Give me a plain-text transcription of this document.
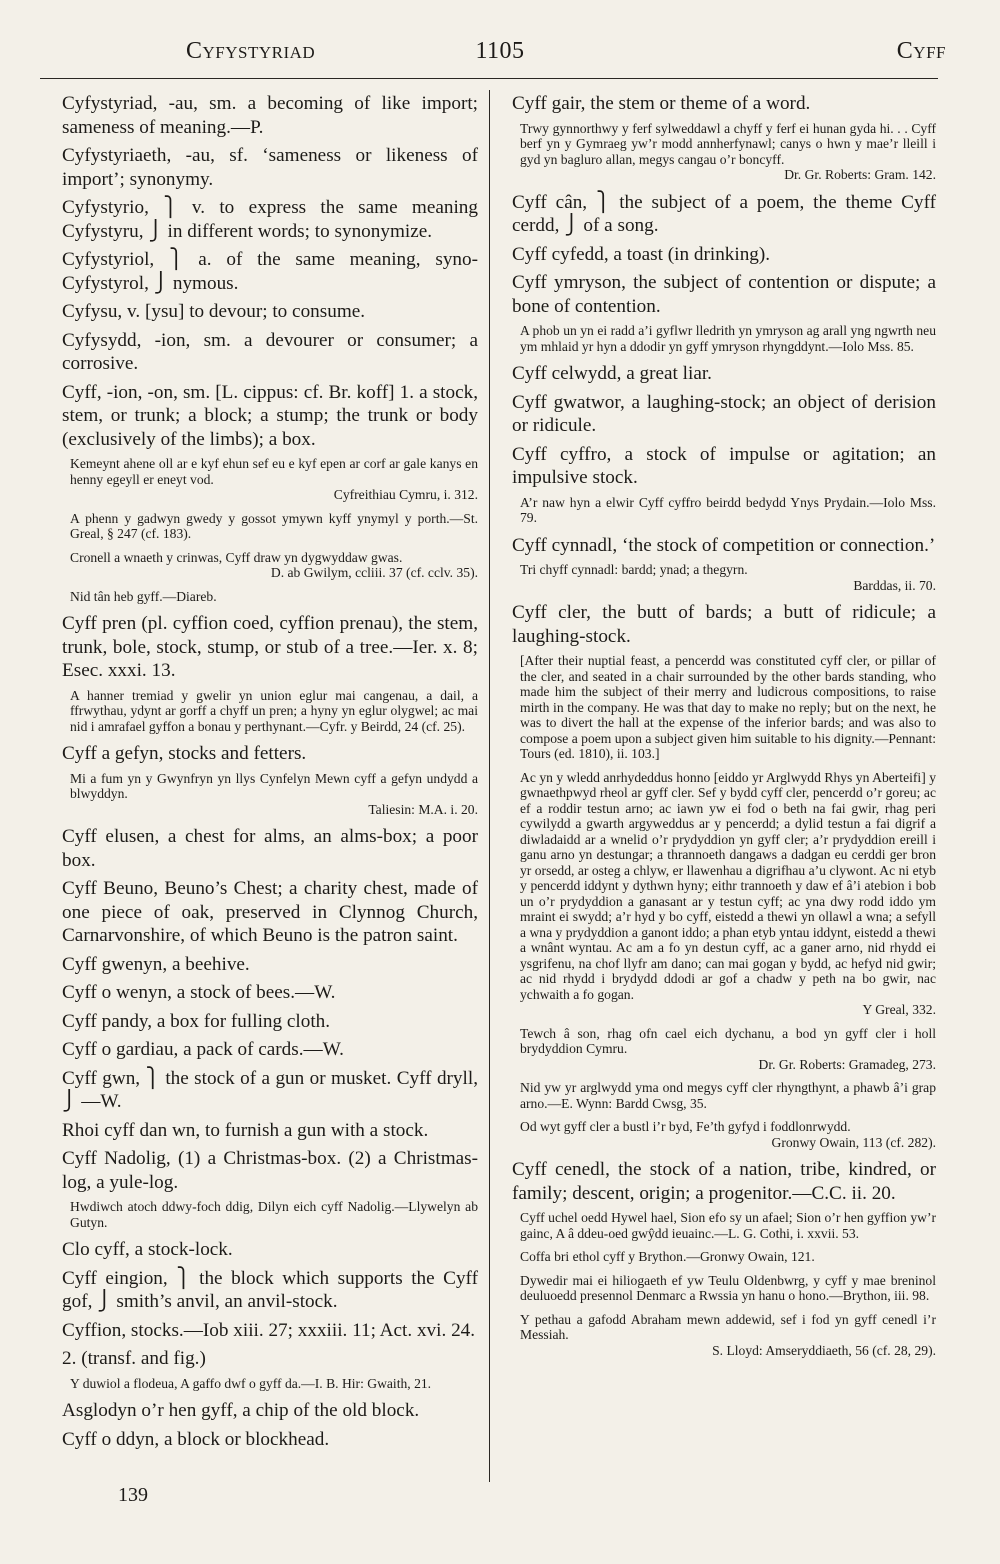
Cyfystyriad	1105	Cyff

Cyfystyriad, -au, sm. a becoming of like import; sameness of meaning.—P.

Cyfystyriaeth, -au, sf. ‘sameness or likeness of import’; synonymy.

Cyfystyrio, ⎫ v. to express the same meaning Cyfystyru, ⎭ in different words; to synonymize.

Cyfystyriol, ⎫ a. of the same meaning, syno- Cyfystyrol, ⎭ nymous.

Cyfysu, v. [ysu] to devour; to consume.

Cyfysydd, -ion, sm. a devourer or consumer; a corrosive.

Cyff, -ion, -on, sm. [L. cippus: cf. Br. koff] 1. a stock, stem, or trunk; a block; a stump; the trunk or body (exclusively of the limbs); a box.

Kemeynt ahene oll ar e kyf ehun sef eu e kyf epen ar corf ar gale kanys en henny egeyll er eneyt vod.
Cyfreithiau Cymru, i. 312.
A phenn y gadwyn gwedy y gossot ymywn kyff ynymyl y porth.—St. Greal, § 247 (cf. 183).
Cronell a wnaeth y crinwas, Cyff draw yn dygwyddaw gwas.
D. ab Gwilym, ccliii. 37 (cf. cclv. 35).
Nid tân heb gyff.—Diareb.

Cyff pren (pl. cyffion coed, cyffion prenau), the stem, trunk, bole, stock, stump, or stub of a tree.—Ier. x. 8; Esec. xxxi. 13.

A hanner tremiad y gwelir yn union eglur mai cangenau, a dail, a ffrwythau, ydynt ar gorff a chyff un pren; a hyny yn eglur olygwel; ac mai nid i amrafael gyffon a bonau y perthynant.—Cyfr. y Beirdd, 24 (cf. 25).

Cyff a gefyn, stocks and fetters.

Mi a fum yn y Gwynfryn yn llys Cynfelyn Mewn cyff a gefyn undydd a blwyddyn.
Taliesin: M.A. i. 20.

Cyff elusen, a chest for alms, an alms-box; a poor box.

Cyff Beuno, Beuno’s Chest; a charity chest, made of one piece of oak, preserved in Clynnog Church, Carnarvonshire, of which Beuno is the patron saint.

Cyff gwenyn, a beehive.

Cyff o wenyn, a stock of bees.—W.

Cyff pandy, a box for fulling cloth.

Cyff o gardiau, a pack of cards.—W.

Cyff gwn, ⎫ the stock of a gun or musket. Cyff dryll, ⎭ —W.

Rhoi cyff dan wn, to furnish a gun with a stock.

Cyff Nadolig, (1) a Christmas-box. (2) a Christmas-log, a yule-log.

Hwdiwch atoch ddwy-foch ddig, Dilyn eich cyff Nadolig.—Llywelyn ab Gutyn.

Clo cyff, a stock-lock.

Cyff eingion, ⎫ the block which supports the Cyff gof, ⎭ smith’s anvil, an anvil-stock.

Cyffion, stocks.—Iob xiii. 27; xxxiii. 11; Act. xvi. 24.

2. (transf. and fig.)

Y duwiol a flodeua, A gaffo dwf o gyff da.—I. B. Hir: Gwaith, 21.

Asglodyn o’r hen gyff, a chip of the old block.

Cyff o ddyn, a block or blockhead.

Cyff gair, the stem or theme of a word.

Trwy gynnorthwy y ferf sylweddawl a chyff y ferf ei hunan gyda hi. . . Cyff berf yn y Gymraeg yw’r modd annherfynawl; canys o hwn y mae’r lleill i gyd yn bagluro allan, megys cangau o’r boncyff.
Dr. Gr. Roberts: Gram. 142.

Cyff cân, ⎫ the subject of a poem, the theme Cyff cerdd, ⎭ of a song.

Cyff cyfedd, a toast (in drinking).

Cyff ymryson, the subject of contention or dispute; a bone of contention.

A phob un yn ei radd a’i gyflwr lledrith yn ymryson ag arall yng ngwrth neu ym mhlaid yr hyn a ddodir yn gyff ymryson rhyngddynt.—Iolo Mss. 85.

Cyff celwydd, a great liar.

Cyff gwatwor, a laughing-stock; an object of derision or ridicule.

Cyff cyffro, a stock of impulse or agitation; an impulsive stock.

A’r naw hyn a elwir Cyff cyffro beirdd bedydd Ynys Prydain.—Iolo Mss. 79.

Cyff cynnadl, ‘the stock of competition or connection.’

Tri chyff cynnadl: bardd; ynad; a thegyrn.
Barddas, ii. 70.

Cyff cler, the butt of bards; a butt of ridicule; a laughing-stock.

[After their nuptial feast, a pencerdd was constituted cyff cler, or pillar of the cler, and seated in a chair surrounded by the other bards standing, who made him the subject of their merry and ludicrous compositions, to raise mirth in the company. He was that day to make no reply; but on the next, he was to divert the hall at the expense of the inferior bards; and was also to compose a poem upon a subject given him suitable to his dignity.—Pennant: Tours (ed. 1810), ii. 103.]
Ac yn y wledd anrhydeddus honno [eiddo yr Arglwydd Rhys yn Aberteifi] y gwnaethpwyd rheol ar gyff cler. Sef y bydd cyff cler, pencerdd o’r goreu; ac ef a roddir testun arno; ac iawn yw ei fod o beth na fai gwir, rhag peri cywilydd a gwarth argyweddus ar y pencerdd; a dylid testun a fai digrif a diwladaidd ar a wnelid o’r prydyddion yn gyff cler; a’r prydyddion ereill i ganu arno yn destungar; a thrannoeth dangaws a dadgan eu cerddi ger bron yr orsedd, ar osteg a chlyw, er llawenhau a digrifhau a’u clywont. Ac ni etyb y pencerdd iddynt y dythwn hyny; eithr trannoeth y daw ef â’i atebion i bob un o’r prydyddion a ganasant ar y testun cyff; ac yna dwy rodd iddo ym mraint ei swydd; a’r hyd y bo cyff, eistedd a thewi yn ollawl a wna; a sefyll a wna y prydyddion a ganont iddo; a phan etyb yntau iddynt, eistedd a thewi a wnânt wyntau. Ac am a fo yn destun cyff, ac a ganer arno, nid rhydd ei ysgrifenu, na chof llyfr am dano; can mai gogan y bydd, ac hefyd nid gwir; ac nid rhydd i brydydd ddodi ar gof a chadw y peth na bo gwir, nac ychwaith a fo gogan.
Y Greal, 332.
Tewch â son, rhag ofn cael eich dychanu, a bod yn gyff cler i holl brydyddion Cymru.
Dr. Gr. Roberts: Gramadeg, 273.
Nid yw yr arglwydd yma ond megys cyff cler rhyngthynt, a phawb â’i grap arno.—E. Wynn: Bardd Cwsg, 35.
Od wyt gyff cler a bustl i’r byd, Fe’th gyfyd i foddlonrwydd.
Gronwy Owain, 113 (cf. 282).

Cyff cenedl, the stock of a nation, tribe, kindred, or family; descent, origin; a progenitor.—C.C. ii. 20.

Cyff uchel oedd Hywel hael, Sion efo sy un afael; Sion o’r hen gyffion yw’r gainc, A â ddeu-oed gwŷdd ieuainc.—L. G. Cothi, i. xxvii. 53.
Coffa bri ethol cyff y Brython.—Gronwy Owain, 121.
Dywedir mai ei hiliogaeth ef yw Teulu Oldenbwrg, y cyff y mae breninol deuluoedd presennol Denmarc a Rwssia yn hanu o hono.—Brython, iii. 98.
Y pethau a gafodd Abraham mewn addewid, sef i fod yn gyff cenedl i’r Messiah.
S. Lloyd: Amseryddiaeth, 56 (cf. 28, 29).
139
